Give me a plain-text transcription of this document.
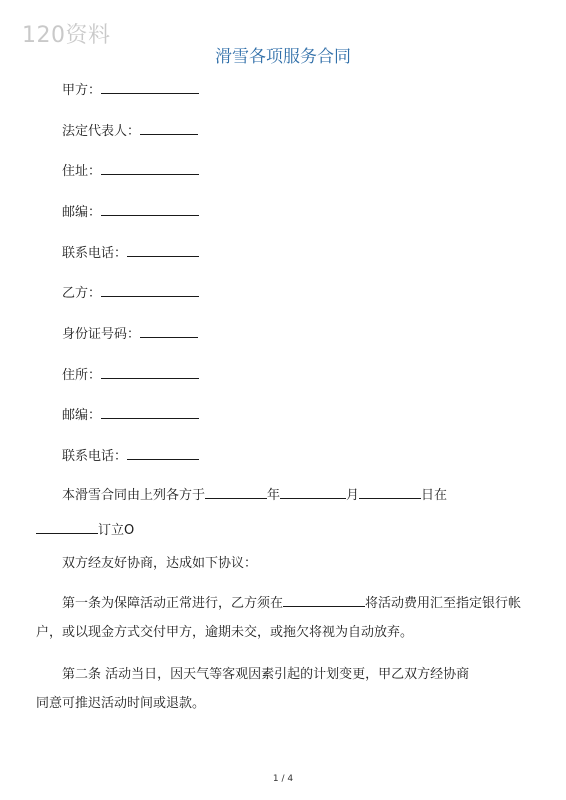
120资料
滑雪各项服务合同
甲方：
法定代表人：
住址：
邮编：
联系电话：
乙方：
身份证号码：
住所：
邮编：
联系电话：
本滑雪合同由上列各方于	年	月	日在
订立O
双方经友好协商，达成如下协议：
第一条为保障活动正常进行，乙方须在	将活动费用汇至指定银行帐户，或以现金方式交付甲方，逾期未交，或拖欠将视为自动放弃。
第二条 活动当日，因天气等客观因素引起的计划变更，甲乙双方经协商
同意可推迟活动时间或退款。
1 / 4
